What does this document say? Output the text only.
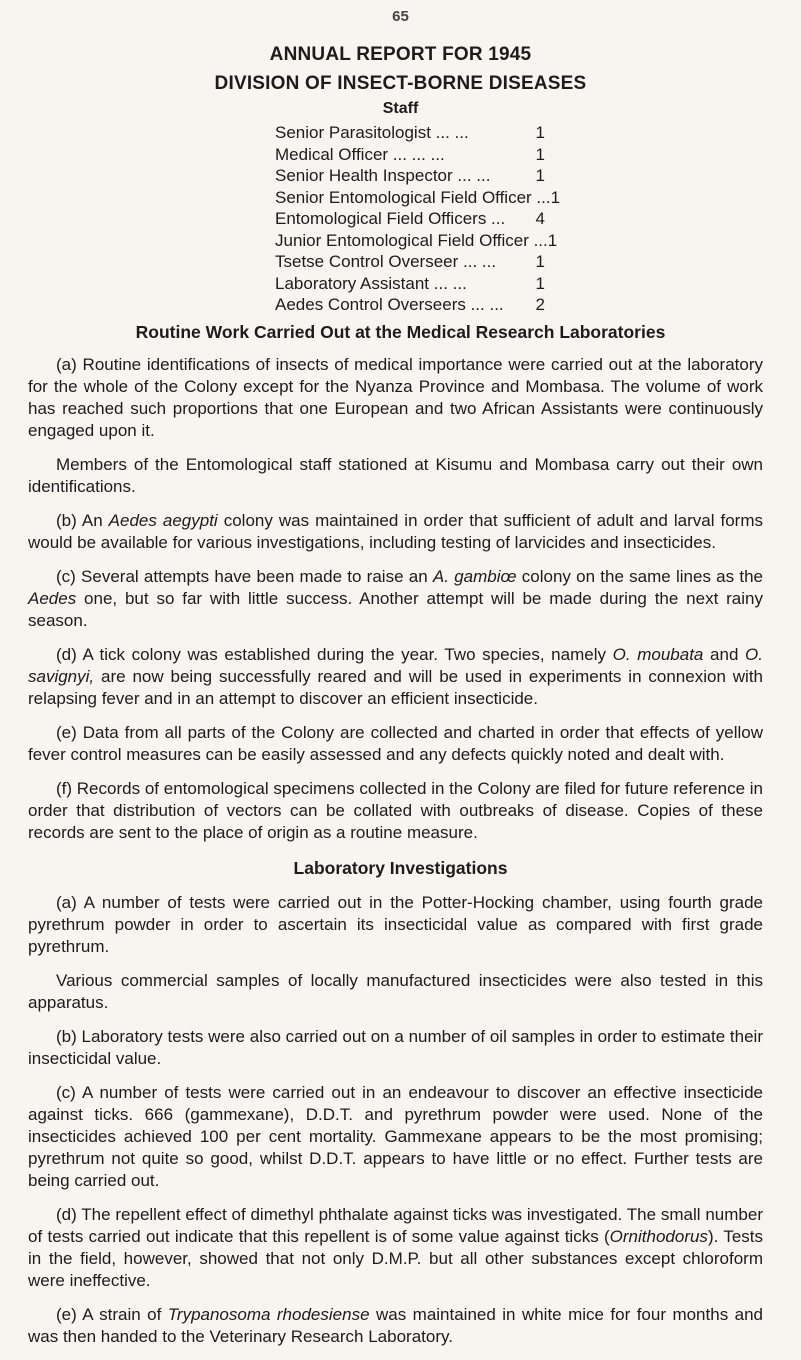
65
ANNUAL REPORT FOR 1945
DIVISION OF INSECT-BORNE DISEASES
Staff
Senior Parasitologist ... ...	1
Medical Officer ... ... ...	1
Senior Health Inspector ... ...	1
Senior Entomological Field Officer ... 1
Entomological Field Officers ...	4
Junior Entomological Field Officer ... 1
Tsetse Control Overseer ... ...	1
Laboratory Assistant ... ...	1
Aedes Control Overseers ... ...	2
Routine Work Carried Out at the Medical Research Laboratories

(a) Routine identifications of insects of medical importance were carried out at the laboratory for the whole of the Colony except for the Nyanza Province and Mombasa. The volume of work has reached such proportions that one European and two African Assistants were continuously engaged upon it.

Members of the Entomological staff stationed at Kisumu and Mombasa carry out their own identifications.

(b) An Aedes aegypti colony was maintained in order that sufficient of adult and larval forms would be available for various investigations, including testing of larvicides and insecticides.

(c) Several attempts have been made to raise an A. gambiœ colony on the same lines as the Aedes one, but so far with little success. Another attempt will be made during the next rainy season.

(d) A tick colony was established during the year. Two species, namely O. moubata and O. savignyi, are now being successfully reared and will be used in experiments in connexion with relapsing fever and in an attempt to discover an efficient insecticide.

(e) Data from all parts of the Colony are collected and charted in order that effects of yellow fever control measures can be easily assessed and any defects quickly noted and dealt with.

(f) Records of entomological specimens collected in the Colony are filed for future reference in order that distribution of vectors can be collated with outbreaks of disease. Copies of these records are sent to the place of origin as a routine measure.

Laboratory Investigations

(a) A number of tests were carried out in the Potter-Hocking chamber, using fourth grade pyrethrum powder in order to ascertain its insecticidal value as compared with first grade pyrethrum.

Various commercial samples of locally manufactured insecticides were also tested in this apparatus.

(b) Laboratory tests were also carried out on a number of oil samples in order to estimate their insecticidal value.

(c) A number of tests were carried out in an endeavour to discover an effective insecticide against ticks. 666 (gammexane), D.D.T. and pyrethrum powder were used. None of the insecticides achieved 100 per cent mortality. Gammexane appears to be the most promising; pyrethrum not quite so good, whilst D.D.T. appears to have little or no effect. Further tests are being carried out.

(d) The repellent effect of dimethyl phthalate against ticks was investigated. The small number of tests carried out indicate that this repellent is of some value against ticks (Ornithodorus). Tests in the field, however, showed that not only D.M.P. but all other substances except chloroform were ineffective.

(e) A strain of Trypanosoma rhodesiense was maintained in white mice for four months and was then handed to the Veterinary Research Laboratory.
